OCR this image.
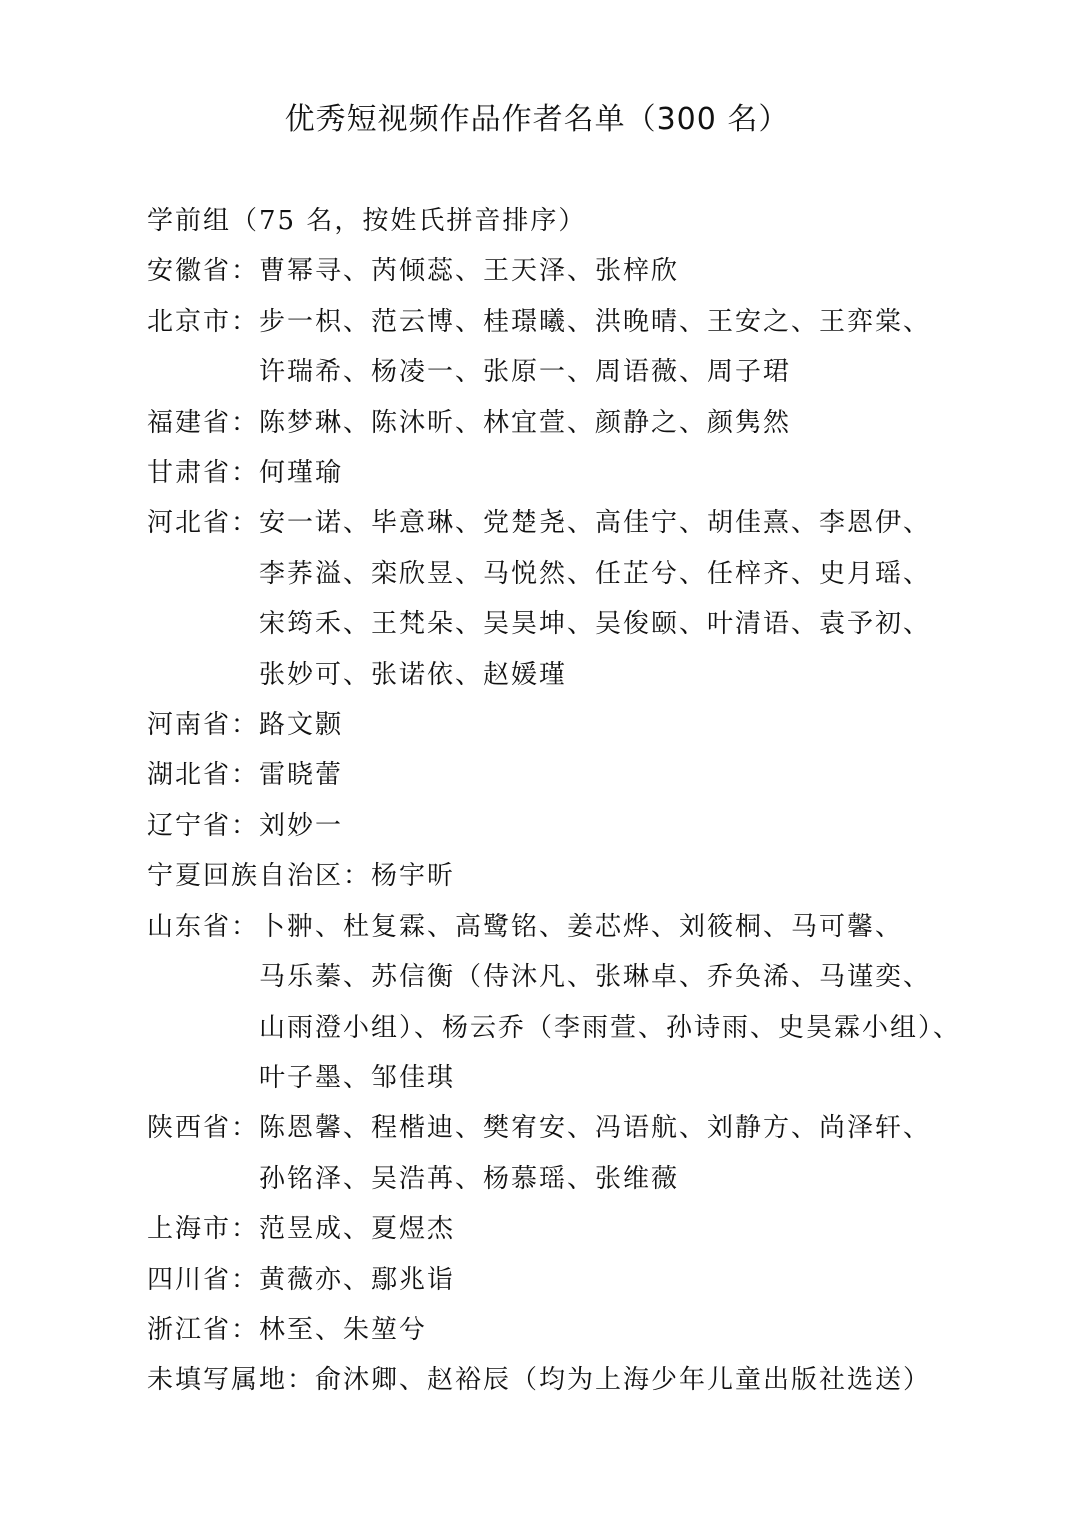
优秀短视频作品作者名单（300 名）
学前组（75 名，按姓氏拼音排序）
安徽省： 曹幂寻、芮倾蕊、王天泽、张梓欣
北京市： 步一枳、范云博、桂璟曦、洪晚晴、王安之、王弈棠、
许瑞希、杨凌一、张原一、周语薇、周子珺
福建省： 陈梦琳、陈沐昕、林宜萱、颜静之、颜隽然
甘肃省： 何瑾瑜
河北省： 安一诺、毕意琳、党楚尧、高佳宁、胡佳熹、李恩伊、
李荞溢、栾欣昱、马悦然、任芷兮、任梓齐、史月瑶、
宋筠禾、王梵朵、吴昊坤、吴俊颐、叶清语、袁予初、
张妙可、张诺依、赵媛瑾
河南省： 路文颢
湖北省： 雷晓蕾
辽宁省： 刘妙一
宁夏回族自治区： 杨宇昕
山东省： 卜翀、杜复霖、高鹭铭、姜芯烨、刘筱桐、马可馨、
马乐蓁、苏信衡（侍沐凡、张琳卓、乔奂浠、马谨奕、
山雨澄小组）、杨云乔（李雨萱、孙诗雨、史昊霖小组）、
叶子墨、邹佳琪
陕西省： 陈恩馨、程楷迪、樊宥安、冯语航、刘静方、尚泽轩、
孙铭泽、吴浩苒、杨慕瑶、张维薇
上海市： 范昱成、夏煜杰
四川省： 黄薇亦、鄢兆诣
浙江省： 林至、朱堃兮
未填写属地： 俞沐卿、赵裕辰（均为上海少年儿童出版社选送）
